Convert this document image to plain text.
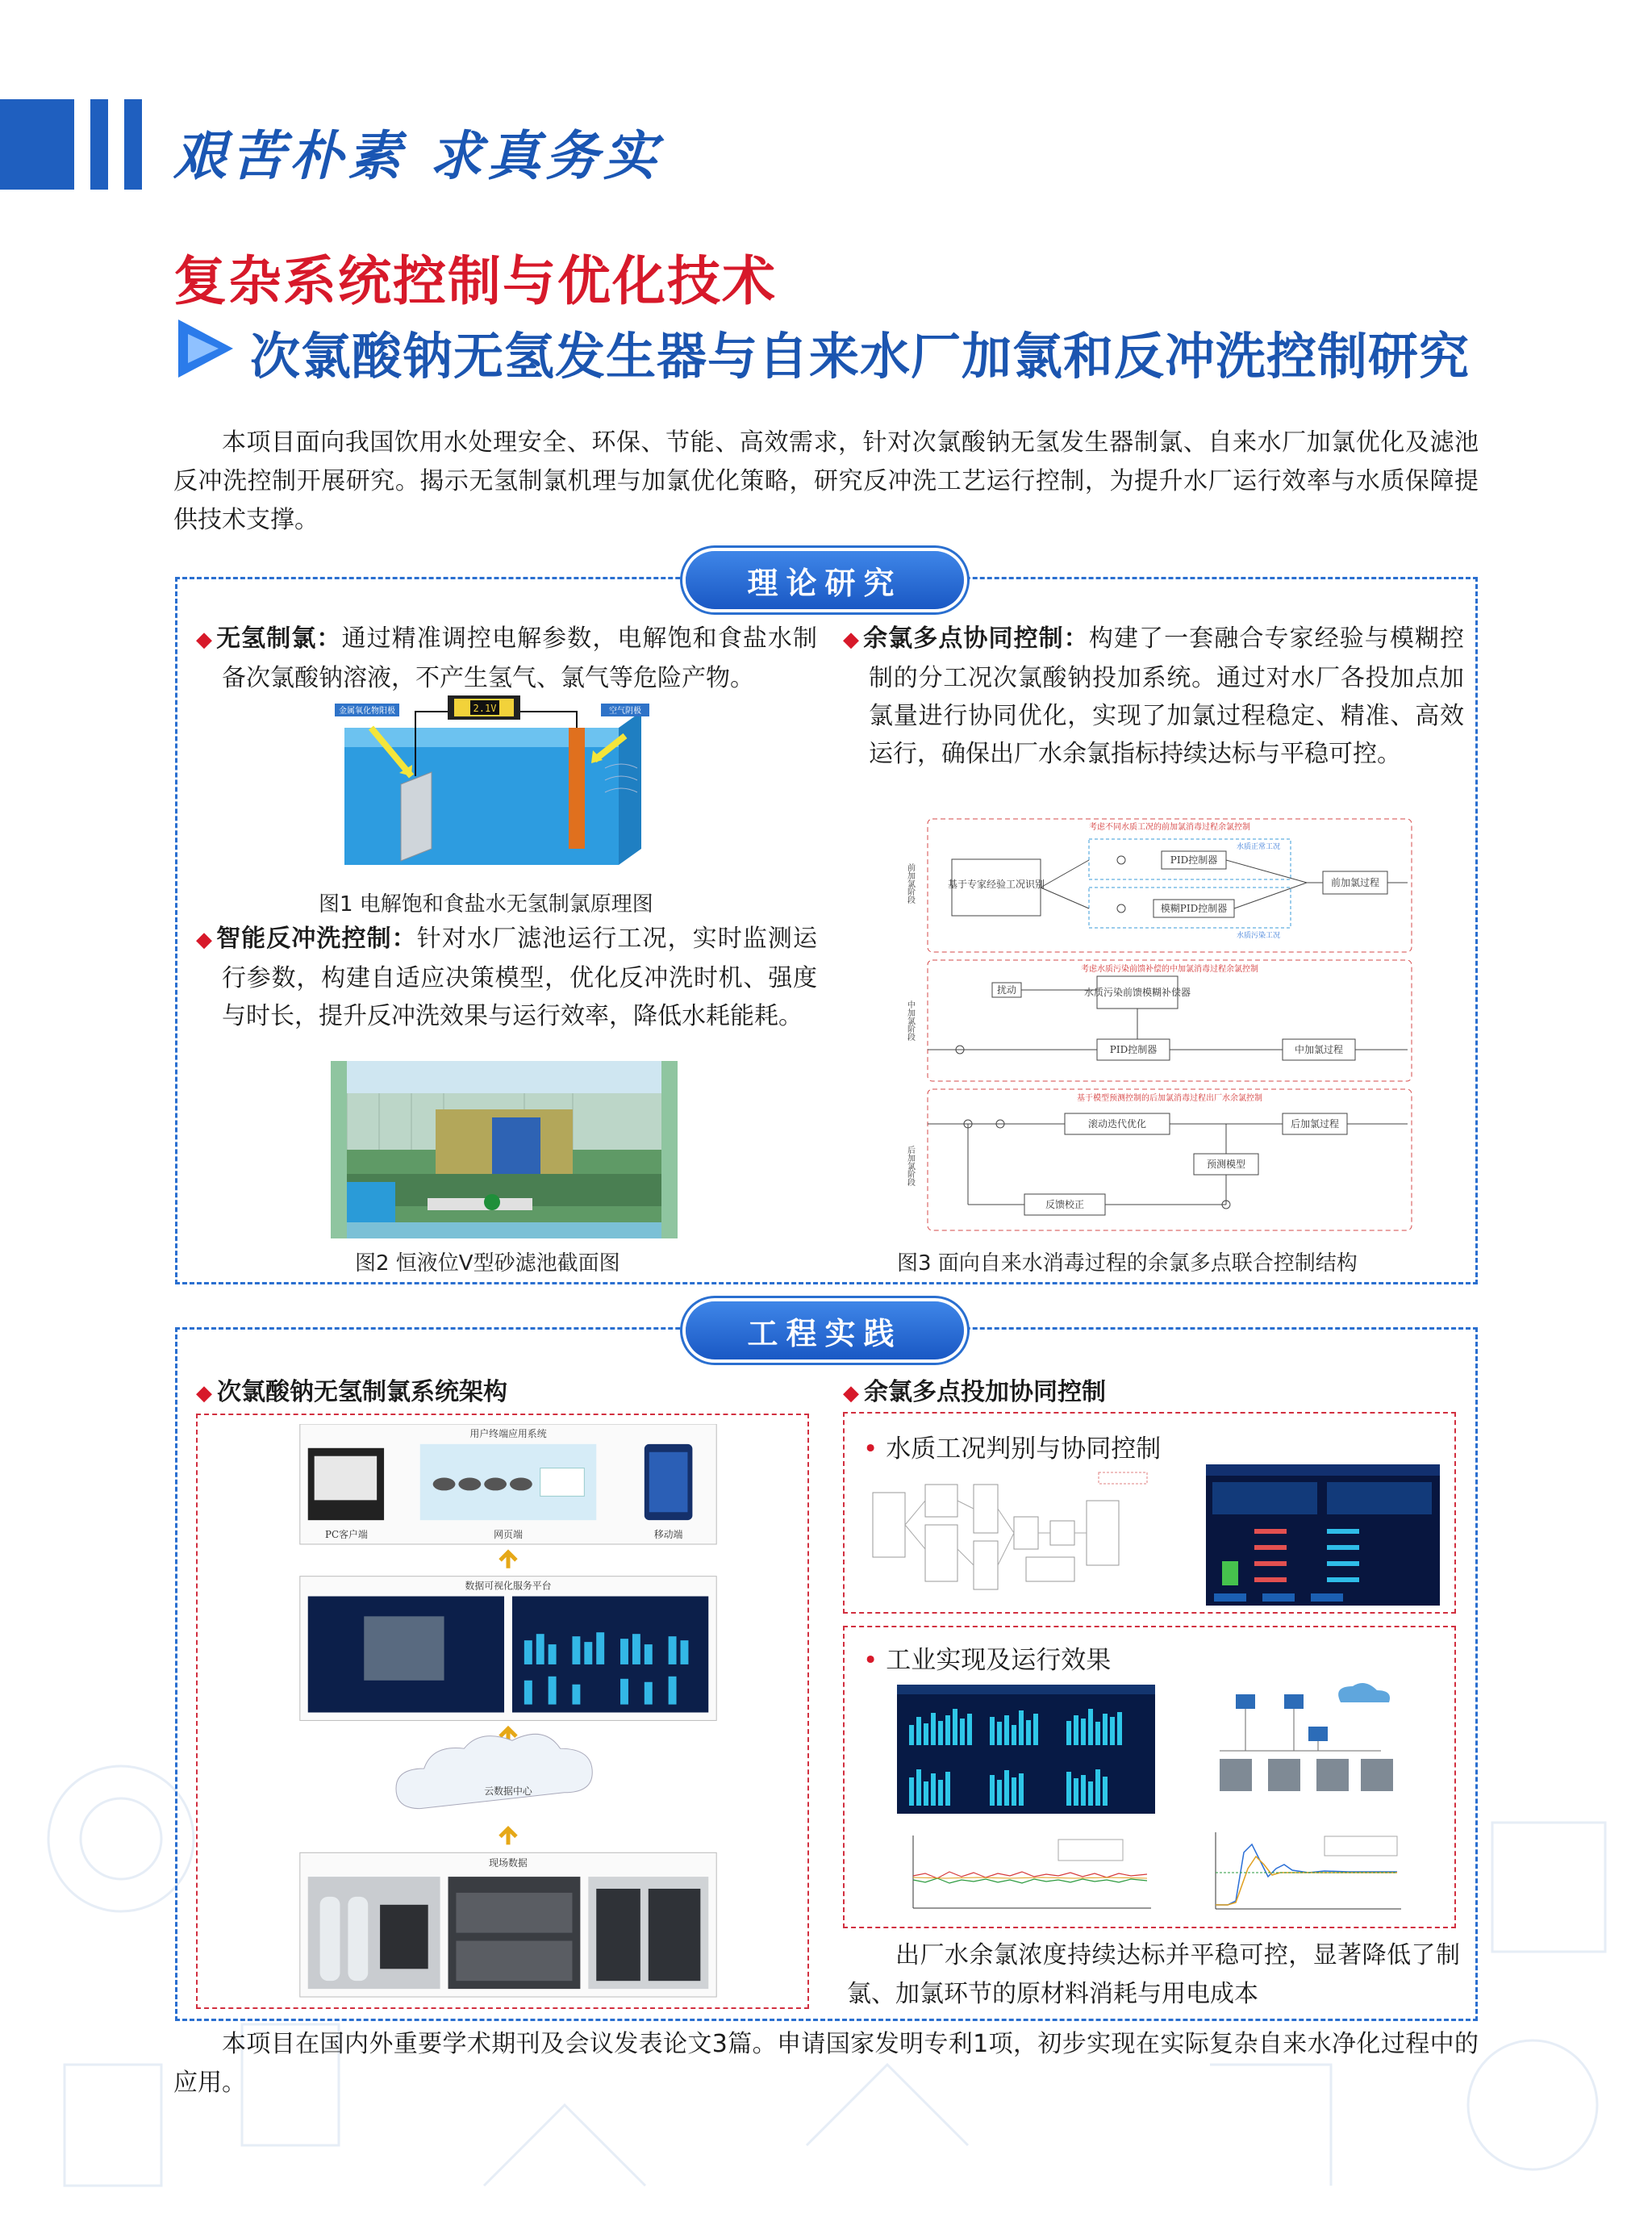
艰苦朴素 求真务实
复杂系统控制与优化技术
次氯酸钠无氢发生器与自来水厂加氯和反冲洗控制研究

本项目面向我国饮用水处理安全、环保、节能、高效需求，针对次氯酸钠无氢发生器制氯、自来水厂加氯优化及滤池反冲洗控制开展研究。揭示无氢制氯机理与加氯优化策略，研究反冲洗工艺运行控制，为提升水厂运行效率与水质保障提供技术支撑。

理论研究
◆ 无氢制氯：通过精准调控电解参数，电解饱和食盐水制备次氯酸钠溶液，不产生氢气、氯气等危险产物。
2.1V
金属氧化物阳极	空气阴极
图1 电解饱和食盐水无氢制氯原理图
◆ 智能反冲洗控制：针对水厂滤池运行工况，实时监测运行参数，构建自适应决策模型，优化反冲洗时机、强度与时长，提升反冲洗效果与运行效率，降低水耗能耗。
图2 恒液位V型砂滤池截面图
◆ 余氯多点协同控制：构建了一套融合专家经验与模糊控制的分工况次氯酸钠投加系统。通过对水厂各投加点加氯量进行协同优化，实现了加氯过程稳定、精准、高效运行，确保出厂水余氯指标持续达标与平稳可控。
前加氯阶段
中加氯阶段
后加氯阶段
考虑不同水质工况的前加氯消毒过程余氯控制
基于专家经验工况识别
PID控制器
模糊PID控制器
水质正常工况
水质污染工况
前加氯过程
考虑水质污染前馈补偿的中加氯消毒过程余氯控制
扰动	水质污染前馈模糊补偿器
PID控制器	中加氯过程
基于模型预测控制的后加氯消毒过程出厂水余氯控制
滚动迭代优化	后加氯过程
预测模型
反馈校正
图3 面向自来水消毒过程的余氯多点联合控制结构
工程实践
◆ 次氯酸钠无氢制氯系统架构
用户终端应用系统
PC客户端	网页端	移动端
数据可视化服务平台
云数据中心
现场数据
◆ 余氯多点投加协同控制
• 水质工况判别与协同控制
• 工业实现及运行效果

出厂水余氯浓度持续达标并平稳可控，显著降低了制氯、加氯环节的原材料消耗与用电成本

本项目在国内外重要学术期刊及会议发表论文3篇。申请国家发明专利1项，初步实现在实际复杂自来水净化过程中的应用。
